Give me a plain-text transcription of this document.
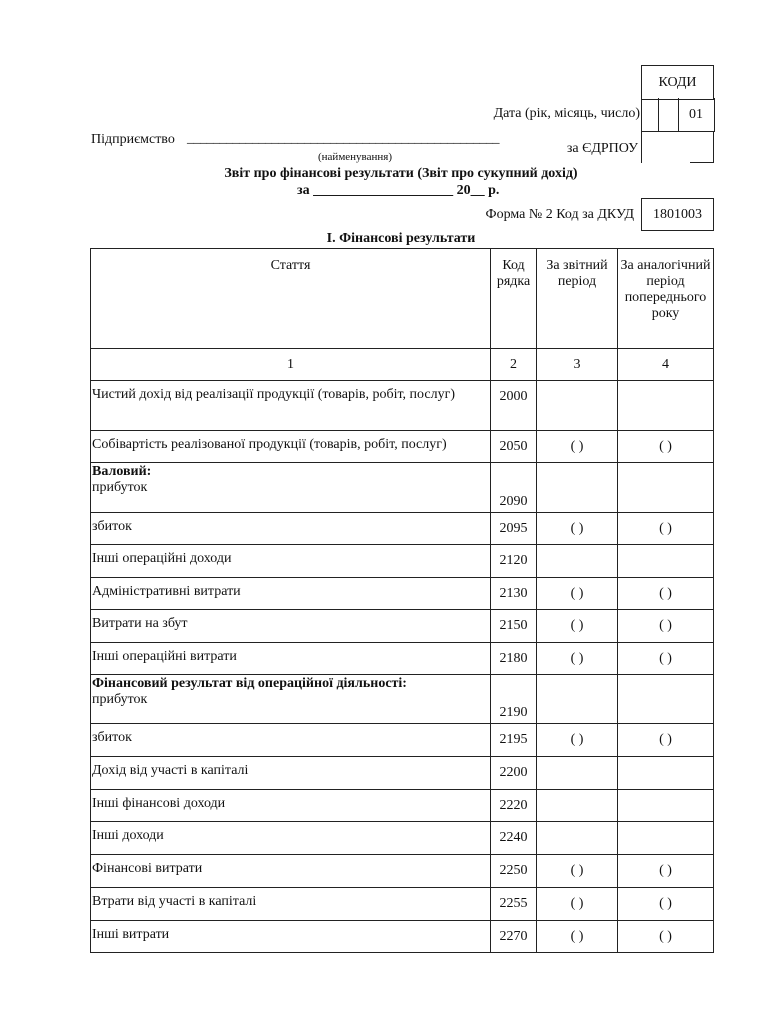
КОДИ
01
Дата (рік, місяць, число)
Підприємство ________________________________________________
(найменування)
за ЄДРПОУ
Звіт про фінансові результати (Звіт про сукупний дохід)
за ____________________ 20__ р.
Форма № 2 Код за ДКУД	1801003
І. Фінансові результати
Стаття	Код рядка	За звітний період	За аналогічний період попереднього року
1	2	3	4
Чистий дохід від реалізації продукції (товарів, робіт, послуг)	2000		
Собівартість реалізованої продукції (товарів, робіт, послуг)	2050	( )	( )

Валовий:
прибуток	2090		
збиток	2095	( )	( )
Інші операційні доходи	2120		
Адміністративні витрати	2130	( )	( )
Витрати на збут	2150	( )	( )
Інші операційні витрати	2180	( )	( )

Фінансовий результат від операційної діяльності:
прибуток	2190		
збиток	2195	( )	( )
Дохід від участі в капіталі	2200		
Інші фінансові доходи	2220		
Інші доходи	2240		
Фінансові витрати	2250	( )	( )
Втрати від участі в капіталі	2255	( )	( )
Інші витрати	2270	( )	( )
